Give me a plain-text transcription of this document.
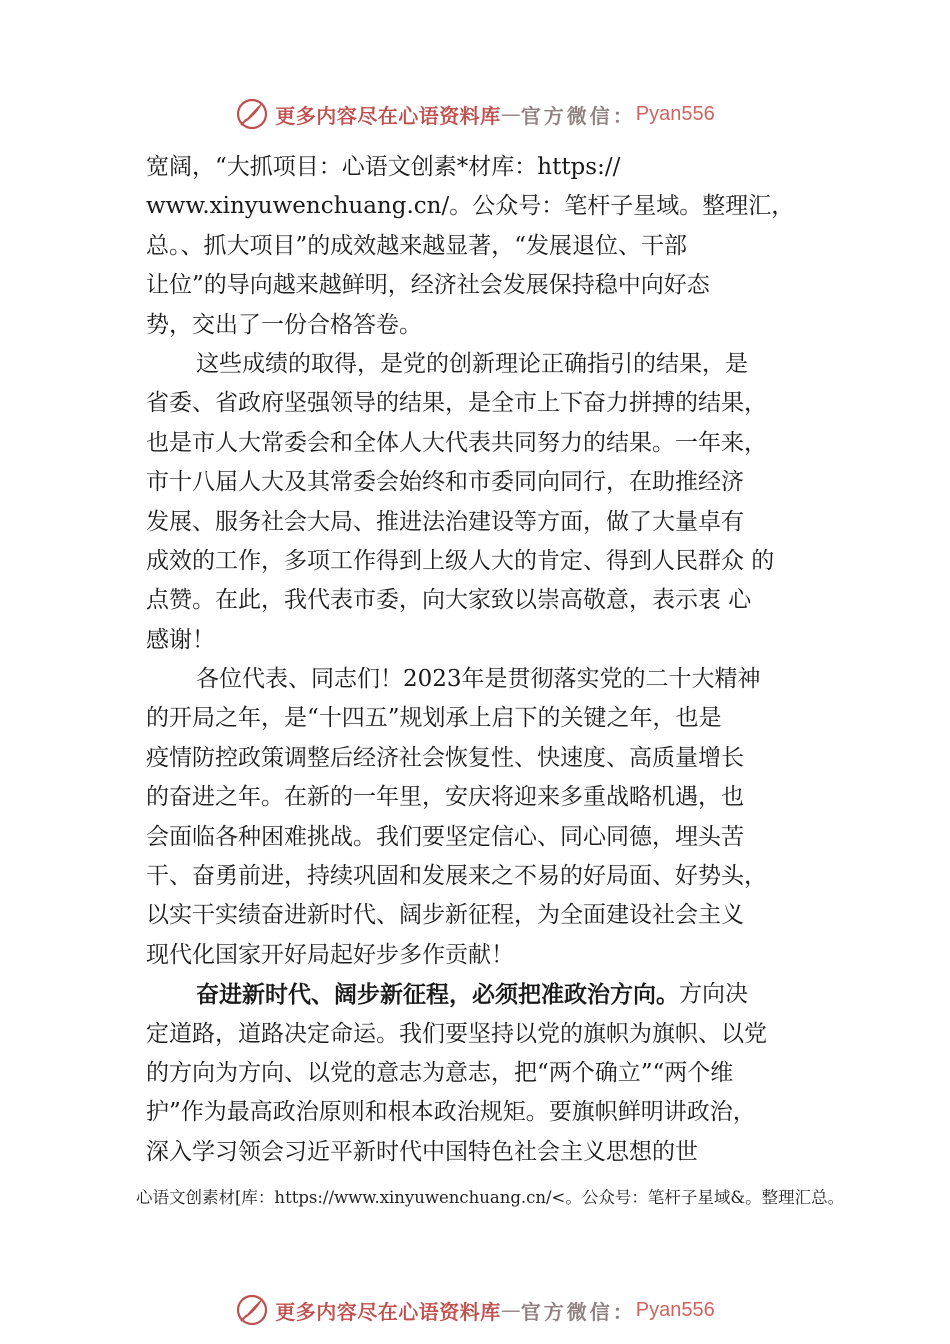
更多内容尽在心语资料库 — 官方微信： Pyan556
宽阔，“大抓项目：心语文创素*材库：https://
www.xinyuwenchuang.cn/。公众号：笔杆子星域。整理汇，
总。、抓大项目”的成效越来越显著，“发展退位、干部
让位”的导向越来越鲜明，经济社会发展保持稳中向好态
势，交出了一份合格答卷。
这些成绩的取得，是党的创新理论正确指引的结果，是
省委、省政府坚强领导的结果，是全市上下奋力拼搏的结果，
也是市人大常委会和全体人大代表共同努力的结果。一年来，
市十八届人大及其常委会始终和市委同向同行，在助推经济
发展、服务社会大局、推进法治建设等方面，做了大量卓有
成效的工作，多项工作得到上级人大的肯定、得到人民群众 的
点赞。在此，我代表市委，向大家致以崇高敬意，表示衷 心
感谢！
各位代表、同志们！2023年是贯彻落实党的二十大精神
的开局之年，是“十四五”规划承上启下的关键之年，也是
疫情防控政策调整后经济社会恢复性、快速度、高质量增长
的奋进之年。在新的一年里，安庆将迎来多重战略机遇，也
会面临各种困难挑战。我们要坚定信心、同心同德，埋头苦
干、奋勇前进，持续巩固和发展来之不易的好局面、好势头，
以实干实绩奋进新时代、阔步新征程，为全面建设社会主义
现代化国家开好局起好步多作贡献！
奋进新时代、阔步新征程，必须把准政治方向。 方向决
定道路，道路决定命运。我们要坚持以党的旗帜为旗帜、以党
的方向为方向、以党的意志为意志，把“两个确立”“两个维
护”作为最高政治原则和根本政治规矩。要旗帜鲜明讲政治，
深入学习领会习近平新时代中国特色社会主义思想的世
心语文创素材[库：https://www.xinyuwenchuang.cn/<。公众号：笔杆子星域&。整理汇总。
更多内容尽在心语资料库 — 官方微信： Pyan556
